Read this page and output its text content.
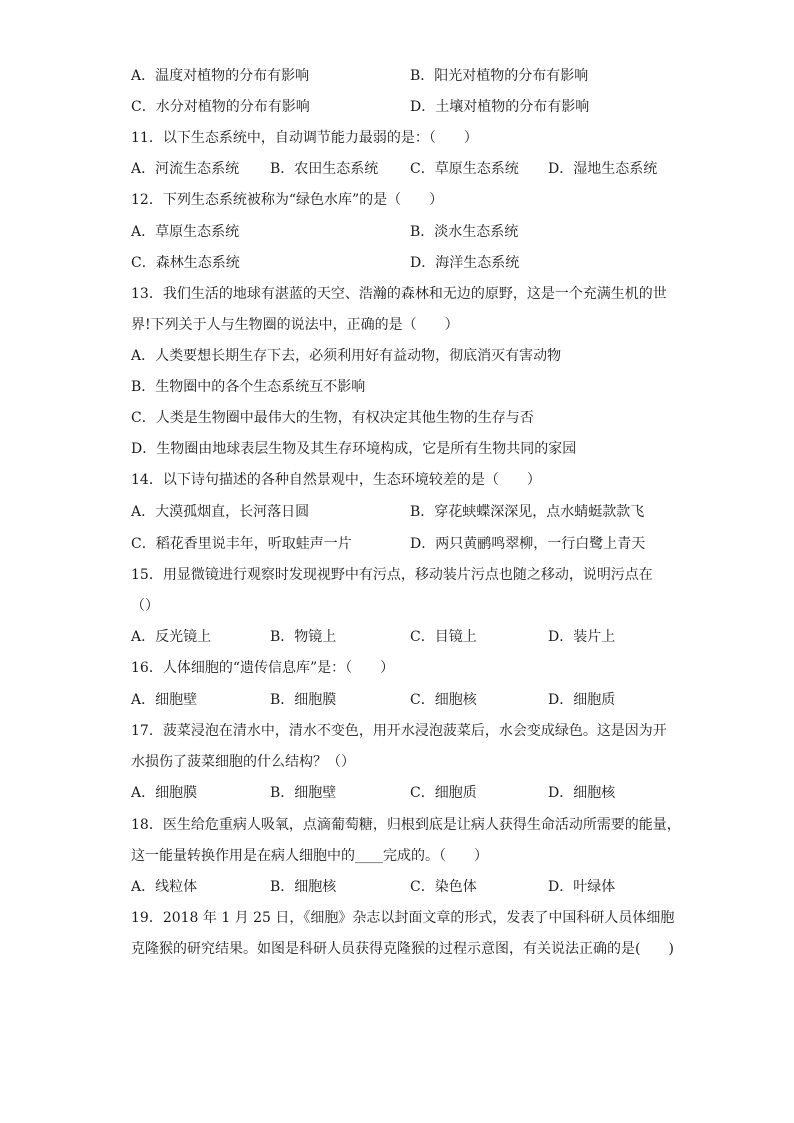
A．温度对植物的分布有影响	B．阳光对植物的分布有影响
C．水分对植物的分布有影响	D．土壤对植物的分布有影响
11．以下生态系统中，自动调节能力最弱的是：（　　）
A．河流生态系统 B．农田生态系统 C．草原生态系统 D．湿地生态系统
12．下列生态系统被称为“绿色水库”的是（　　）
A．草原生态系统	B．淡水生态系统
C．森林生态系统	D．海洋生态系统
13．我们生活的地球有湛蓝的天空、浩瀚的森林和无边的原野，这是一个充满生机的世
界!下列关于人与生物圈的说法中，正确的是（　　）
A．人类要想长期生存下去，必须利用好有益动物，彻底消灭有害动物
B．生物圈中的各个生态系统互不影响
C．人类是生物圈中最伟大的生物，有权决定其他生物的生存与否
D．生物圈由地球表层生物及其生存环境构成，它是所有生物共同的家园
14．以下诗句描述的各种自然景观中，生态环境较差的是（　　）
A．大漠孤烟直，长河落日圆	B．穿花蛱蝶深深见，点水蜻蜓款款飞
C．稻花香里说丰年，听取蛙声一片	D．两只黄鹂鸣翠柳，一行白鹭上青天
15．用显微镜进行观察时发现视野中有污点，移动装片污点也随之移动，说明污点在
（）
A．反光镜上	B．物镜上	C．目镜上	D．装片上
16．人体细胞的“遗传信息库”是：（　　）
A．细胞壁	B．细胞膜	C．细胞核	D．细胞质
17．菠菜浸泡在清水中，清水不变色，用开水浸泡菠菜后，水会变成绿色。这是因为开
水损伤了菠菜细胞的什么结构？（）
A．细胞膜	B．细胞壁	C．细胞质	D．细胞核
18．医生给危重病人吸氧，点滴葡萄糖，归根到底是让病人获得生命活动所需要的能量，
这一能量转换作用是在病人细胞中的____完成的。（　　）
A．线粒体	B．细胞核	C．染色体	D．叶绿体
19．2018 年 1 月 25 日，《细胞》杂志以封面文章的形式，发表了中国科研人员体细胞
克隆猴的研究结果。如图是科研人员获得克隆猴的过程示意图，有关说法正确的是(　　)
